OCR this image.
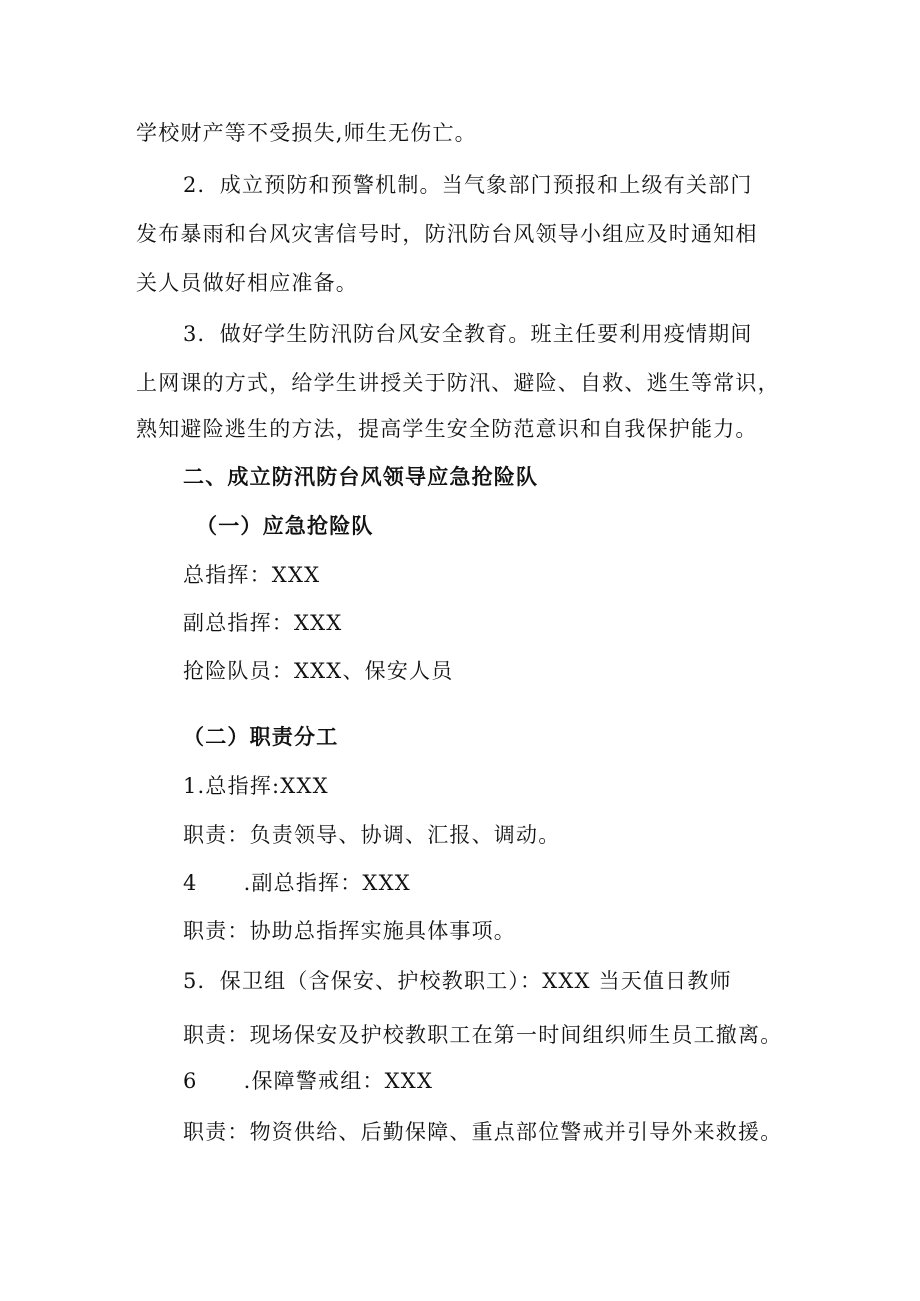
学校财产等不受损失,师生无伤亡。
2．成立预防和预警机制。当气象部门预报和上级有关部门
发布暴雨和台风灾害信号时，防汛防台风领导小组应及时通知相
关人员做好相应准备。
3．做好学生防汛防台风安全教育。班主任要利用疫情期间
上网课的方式，给学生讲授关于防汛、避险、自救、逃生等常识，
熟知避险逃生的方法，提高学生安全防范意识和自我保护能力。
二、成立防汛防台风领导应急抢险队
（一）应急抢险队
总指挥：XXX
副总指挥：XXX
抢险队员：XXX、保安人员
（二）职责分工
1.总指挥:XXX
职责：负责领导、协调、汇报、调动。
4 .副总指挥：XXX
职责：协助总指挥实施具体事项。
5．保卫组（含保安、护校教职工）：XXX 当天值日教师
职责：现场保安及护校教职工在第一时间组织师生员工撤离。
6 .保障警戒组：XXX
职责：物资供给、后勤保障、重点部位警戒并引导外来救援。
